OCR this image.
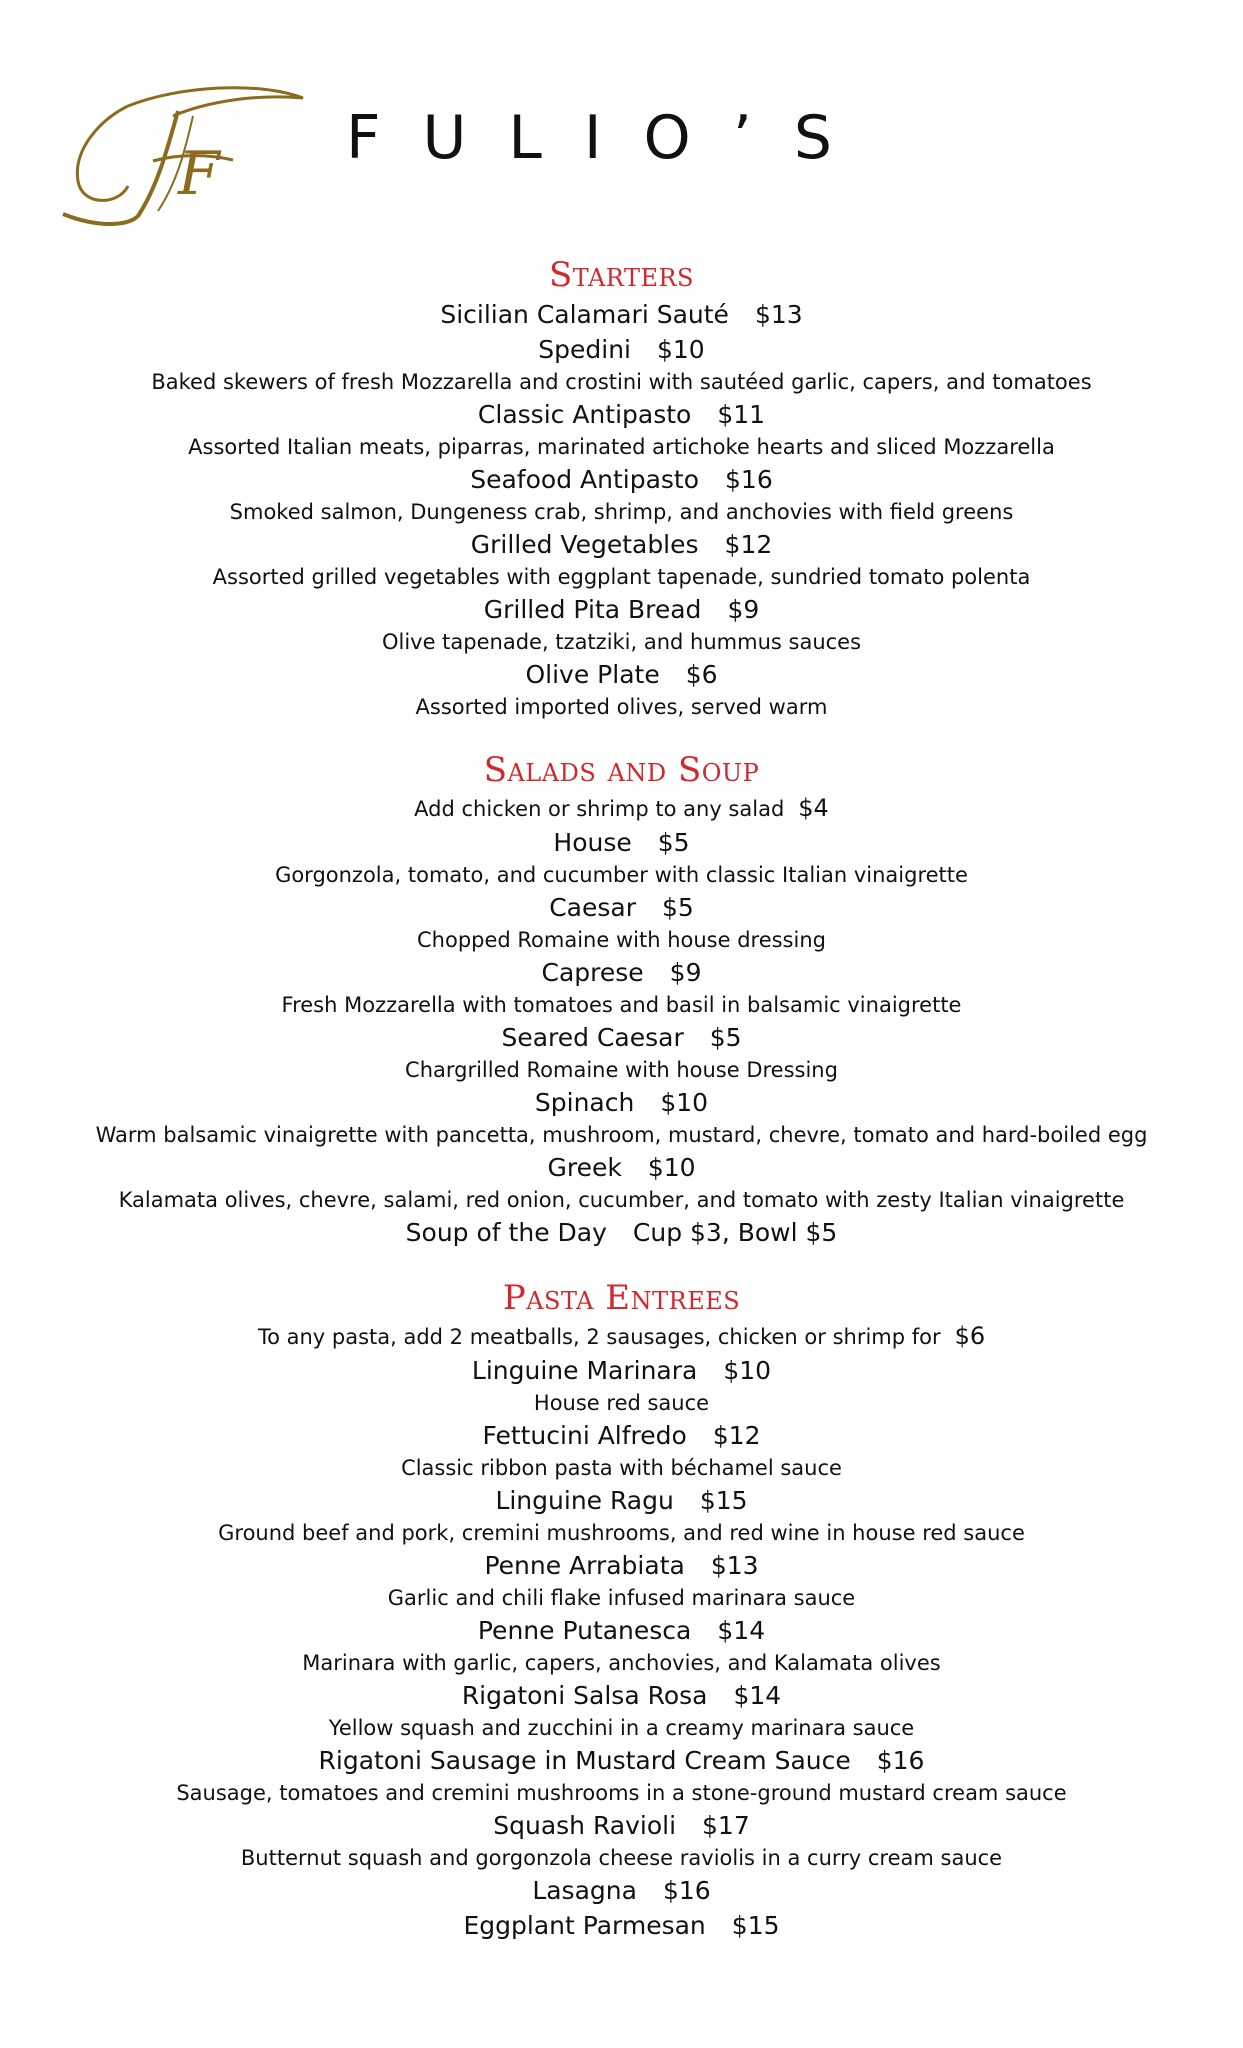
F
FULIO’S
Starters
Sicilian Calamari Sauté $13
Spedini $10
Baked skewers of fresh Mozzarella and crostini with sautéed garlic, capers, and tomatoes
Classic Antipasto $11
Assorted Italian meats, piparras, marinated artichoke hearts and sliced Mozzarella
Seafood Antipasto $16
Smoked salmon, Dungeness crab, shrimp, and anchovies with field greens
Grilled Vegetables $12
Assorted grilled vegetables with eggplant tapenade, sundried tomato polenta
Grilled Pita Bread $9
Olive tapenade, tzatziki, and hummus sauces
Olive Plate $6
Assorted imported olives, served warm
Salads and Soup
Add chicken or shrimp to any salad $4
House $5
Gorgonzola, tomato, and cucumber with classic Italian vinaigrette
Caesar $5
Chopped Romaine with house dressing
Caprese $9
Fresh Mozzarella with tomatoes and basil in balsamic vinaigrette
Seared Caesar $5
Chargrilled Romaine with house Dressing
Spinach $10
Warm balsamic vinaigrette with pancetta, mushroom, mustard, chevre, tomato and hard-boiled egg
Greek $10
Kalamata olives, chevre, salami, red onion, cucumber, and tomato with zesty Italian vinaigrette
Soup of the Day Cup $3, Bowl $5
Pasta Entrees
To any pasta, add 2 meatballs, 2 sausages, chicken or shrimp for $6
Linguine Marinara $10
House red sauce
Fettucini Alfredo $12
Classic ribbon pasta with béchamel sauce
Linguine Ragu $15
Ground beef and pork, cremini mushrooms, and red wine in house red sauce
Penne Arrabiata $13
Garlic and chili flake infused marinara sauce
Penne Putanesca $14
Marinara with garlic, capers, anchovies, and Kalamata olives
Rigatoni Salsa Rosa $14
Yellow squash and zucchini in a creamy marinara sauce
Rigatoni Sausage in Mustard Cream Sauce $16
Sausage, tomatoes and cremini mushrooms in a stone-ground mustard cream sauce
Squash Ravioli $17
Butternut squash and gorgonzola cheese raviolis in a curry cream sauce
Lasagna $16
Eggplant Parmesan $15
